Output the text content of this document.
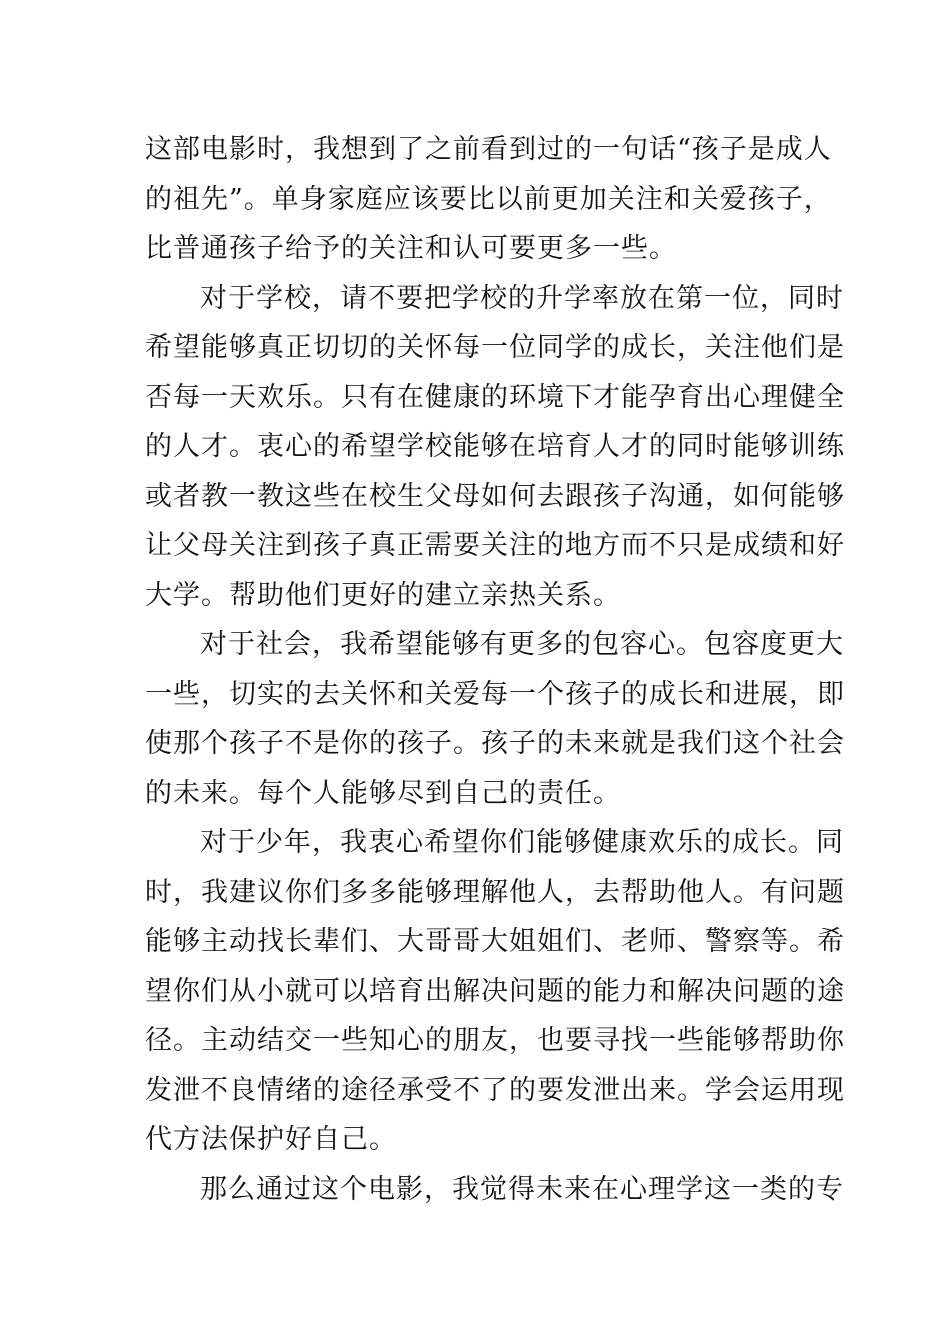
这部电影时，我想到了之前看到过的一句话“孩子是成人
的祖先”。单身家庭应该要比以前更加关注和关爱孩子，
比普通孩子给予的关注和认可要更多一些。
对于学校，请不要把学校的升学率放在第一位，同时
希望能够真正切切的关怀每一位同学的成长，关注他们是
否每一天欢乐。只有在健康的环境下才能孕育出心理健全
的人才。衷心的希望学校能够在培育人才的同时能够训练
或者教一教这些在校生父母如何去跟孩子沟通，如何能够
让父母关注到孩子真正需要关注的地方而不只是成绩和好
大学。帮助他们更好的建立亲热关系。
对于社会，我希望能够有更多的包容心。包容度更大
一些，切实的去关怀和关爱每一个孩子的成长和进展，即
使那个孩子不是你的孩子。孩子的未来就是我们这个社会
的未来。每个人能够尽到自己的责任。
对于少年，我衷心希望你们能够健康欢乐的成长。同
时，我建议你们多多能够理解他人，去帮助他人。有问题
能够主动找长辈们、大哥哥大姐姐们、老师、警察等。希
望你们从小就可以培育出解决问题的能力和解决问题的途
径。主动结交一些知心的朋友，也要寻找一些能够帮助你
发泄不良情绪的途径承受不了的要发泄出来。学会运用现
代方法保护好自己。
那么通过这个电影，我觉得未来在心理学这一类的专
